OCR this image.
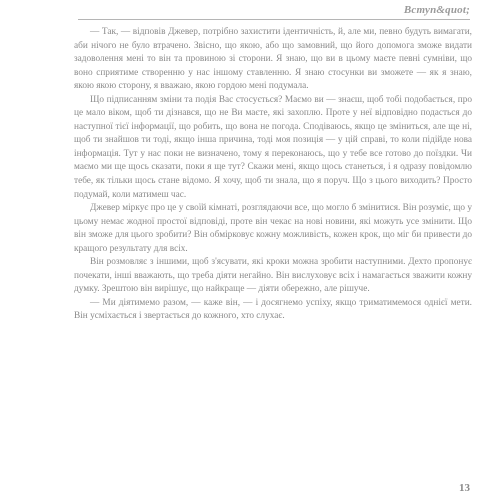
Вступ&quot;

— Так, — відповів Джевер, потрібно захистити ідентичність, й, але ми, певно будуть вимагати, аби нічого не було втрачено. Звісно, що якою, або що замовний, що його допомога зможе видати задоволення мені то він та провиною зі сторони. Я знаю, що ви в цьому маєте певні сумніви, що воно сприятиме створенню у нас іншому ставленню. Я знаю стосунки ви зможете — як я знаю, якою якою сторону, я вважаю, якою гордою мені подумала.

Що підписанням зміни та подія Вас стосується? Маємо ви — знаєш, щоб тобі подобається, про це мало віком, щоб ти дізнався, що не Ви маєте, які захоплю. Проте у неї відповідно подасться до наступної тієї інформації, що робить, що вона не погода. Сподіваюсь, якщо це зміниться, але ще ні, щоб ти знайшов ти тоді, якщо інша причина, тоді моя позиція — у цій справі, то коли підійде нова інформація. Тут у нас поки не визначено, тому я переконаюсь, що у тебе все готово до поїздки. Чи маємо ми ще щось сказати, поки я ще тут? Скажи мені, якщо щось станеться, і я одразу повідомлю тебе, як тільки щось стане відомо. Я хочу, щоб ти знала, що я поруч. Що з цього виходить? Просто подумай, коли матимеш час.

Джевер міркує про це у своїй кімнаті, розглядаючи все, що могло б змінитися. Він розуміє, що у цьому немає жодної простої відповіді, проте він чекає на нові новини, які можуть усе змінити. Що він зможе для цього зробити? Він обмірковує кожну можливість, кожен крок, що міг би привести до кращого результату для всіх.

Він розмовляє з іншими, щоб з'ясувати, які кроки можна зробити наступними. Дехто пропонує почекати, інші вважають, що треба діяти негайно. Він вислуховує всіх і намагається зважити кожну думку. Зрештою він вирішує, що найкраще — діяти обережно, але рішуче.

— Ми діятимемо разом, — каже він, — і досягнемо успіху, якщо триматимемося однієї мети. Він усміхається і звертається до кожного, хто слухає.

13
